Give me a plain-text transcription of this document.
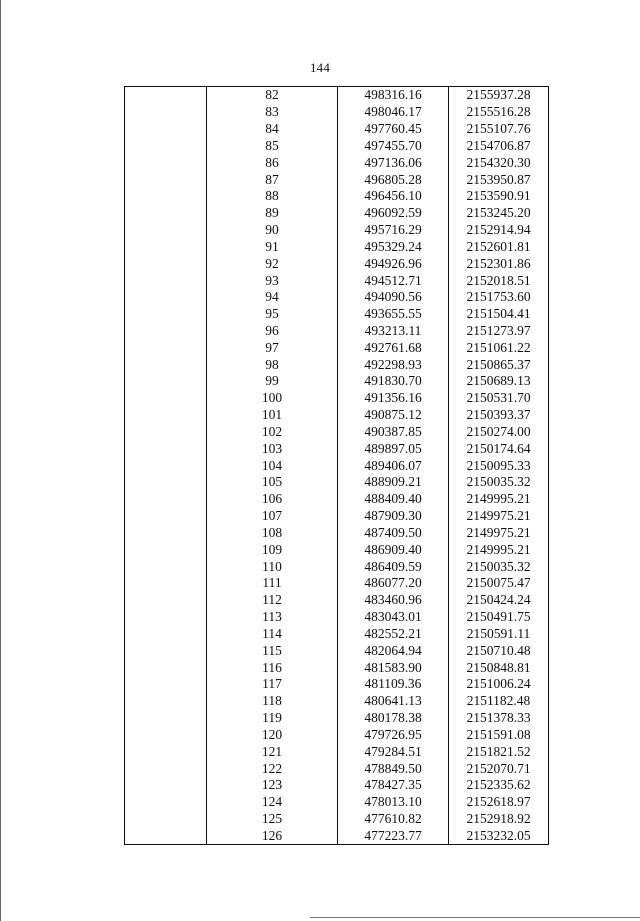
144
	82	498316.16	2155937.28
	83	498046.17	2155516.28
	84	497760.45	2155107.76
	85	497455.70	2154706.87
	86	497136.06	2154320.30
	87	496805.28	2153950.87
	88	496456.10	2153590.91
	89	496092.59	2153245.20
	90	495716.29	2152914.94
	91	495329.24	2152601.81
	92	494926.96	2152301.86
	93	494512.71	2152018.51
	94	494090.56	2151753.60
	95	493655.55	2151504.41
	96	493213.11	2151273.97
	97	492761.68	2151061.22
	98	492298.93	2150865.37
	99	491830.70	2150689.13
	100	491356.16	2150531.70
	101	490875.12	2150393.37
	102	490387.85	2150274.00
	103	489897.05	2150174.64
	104	489406.07	2150095.33
	105	488909.21	2150035.32
	106	488409.40	2149995.21
	107	487909.30	2149975.21
	108	487409.50	2149975.21
	109	486909.40	2149995.21
	110	486409.59	2150035.32
	111	486077.20	2150075.47
	112	483460.96	2150424.24
	113	483043.01	2150491.75
	114	482552.21	2150591.11
	115	482064.94	2150710.48
	116	481583.90	2150848.81
	117	481109.36	2151006.24
	118	480641.13	2151182.48
	119	480178.38	2151378.33
	120	479726.95	2151591.08
	121	479284.51	2151821.52
	122	478849.50	2152070.71
	123	478427.35	2152335.62
	124	478013.10	2152618.97
	125	477610.82	2152918.92
	126	477223.77	2153232.05
